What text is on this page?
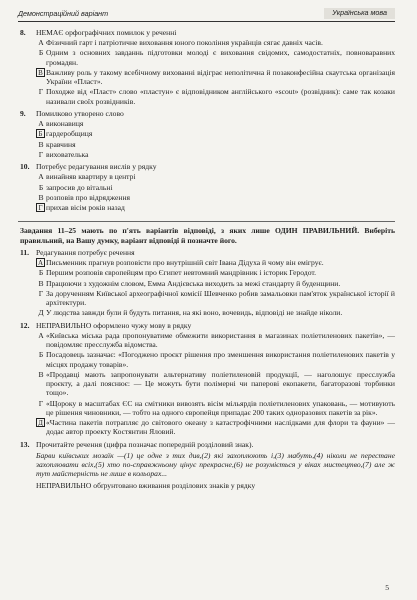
Демонстраційний варіант	Українська мова
8.	НЕМАЄ орфографічних помилок у реченні
А Фізичний гарт і патріотичне виховання юного покоління українців сягає давніх часів.
Б Одним з основних завданнь підготовки молоді є виховання свідомих, самодостатніх, повноваравних громадян.
В Важливу роль у такому всебічному вихованні відіграє неполітична й позаконфесійна скаутська організація України «Пласт».
Г Походже від «Пласт» слово «пластун» є відповідником англійського «scout» (розвідник): саме так козаки називали своїх розвідників.
9.	Помилково утворено слово
А виконавиця
Б гардеробщиця
В кравчиня
Г вихователька
10. Потребує редагування вислів у рядку
А винайняв квартиру в центрі
Б запросив до вітальні
В розповів про відрядження
Г прихав вісім років назад
Завдання 11–25 мають по п'ять варіантів відповіді, з яких лише ОДИН ПРАВИЛЬНИЙ. Виберіть правильний, на Вашу думку, варіант відповіді й позначте його.
11. Редагування потребує речення
А Письменник прагнув розповісти про внутрішній світ Івана Дідуха й чому він емігрує.
Б Першим розповів європейцям про Єгипет невтомний мандрівник і історик Геродот.
В Працюючи з художнім словом, Емма Андієвська виходить за межі стандарту й буденщини.
Г За дорученням Київської археографічної комісії Шевченко робив замальовки пам'яток української історії й архітектури.
Д У людства завжди були й будуть питання, на які воно, вочевидь, відповіді не знайде ніколи.
12. НЕПРАВИЛЬНО оформлено чужу мову в рядку
А «Київська міська рада пропонуватиме обмежити використання в магазинах поліетиленових пакетів», — повідомляє пресслужба відомства.
Б Посадовець зазначає: «Погоджено проєкт рішення про зменшення використання поліетиленових пакетів у місцях продажу товарів».
В «Продавці мають запропонувати альтернативу поліетиленовій продукції, — наголошує пресслужба проєкту, а далі пояснює: — Це можуть бути полімерні чи паперові екопакети, багаторазові торбинки тощо».
Г «Щороку в масштабах ЄС на смітники вивозять вісім мільярдів поліетиленових упаковань, — мотивують це рішення чиновники, — тобто на одного європейця припадає 200 таких одноразових пакетів за рік».
Д «Частина пакетів потрапляє до світового океану з катастрофічними наслідками для флори та фауни» — додає автор проекту Костянтин Яловий.
13. Прочитайте речення (цифра позначає попередній розділовий знак).
Барви київських мозаїк —(1) це одне з тих див,(2) які захоплюють і,(3) мабуть,(4) ніколи не перестане захоплювати всіх,(5) хто по-справжньому цінує прекрасне,(6) не розуміється у віках мистецтво,(7) але ж тут майстерність не лише в кольорах...
НЕПРАВИЛЬНО обґрунтовано вживання розділових знаків у рядку
5
